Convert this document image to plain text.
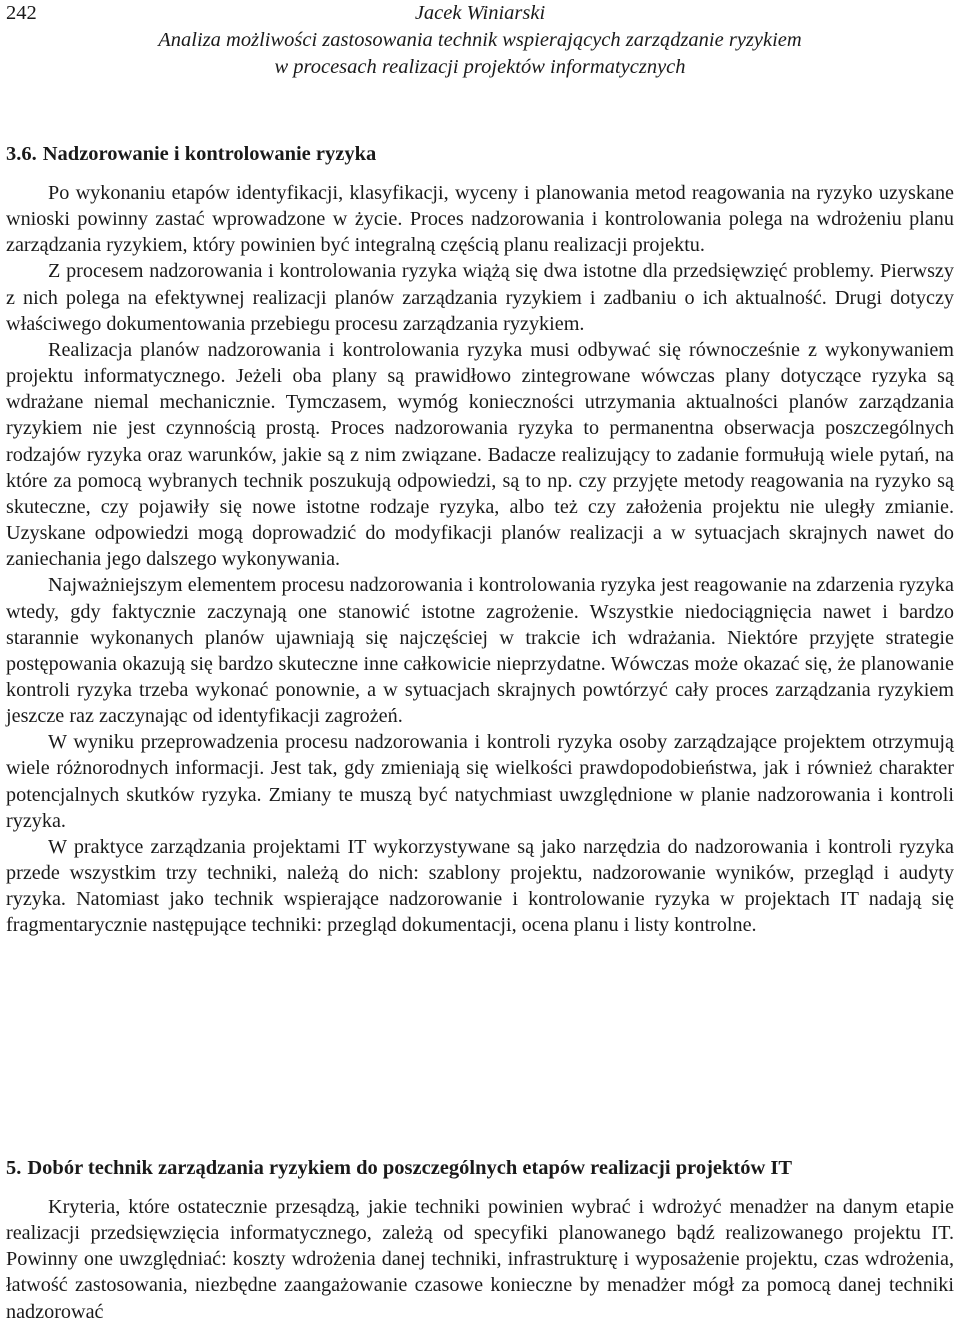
242	Jacek Winiarski
Analiza możliwości zastosowania technik wspierających zarządzanie ryzykiem
w procesach realizacji projektów informatycznych
3.6. Nadzorowanie i kontrolowanie ryzyka

Po wykonaniu etapów identyfikacji, klasyfikacji, wyceny i planowania metod reagowania na ryzyko uzyskane wnioski powinny zastać wprowadzone w życie. Proces nadzorowania i kontrolowania polega na wdrożeniu planu zarządzania ryzykiem, który powinien być integralną częścią planu realizacji projektu.

Z procesem nadzorowania i kontrolowania ryzyka wiążą się dwa istotne dla przedsięwzięć problemy. Pierwszy z nich polega na efektywnej realizacji planów zarządzania ryzykiem i zadbaniu o ich aktualność. Drugi dotyczy właściwego dokumentowania przebiegu procesu zarządzania ryzykiem.

Realizacja planów nadzorowania i kontrolowania ryzyka musi odbywać się równocześnie z wykonywaniem projektu informatycznego. Jeżeli oba plany są prawidłowo zintegrowane wówczas plany dotyczące ryzyka są wdrażane niemal mechanicznie. Tymczasem, wymóg konieczności utrzymania aktualności planów zarządzania ryzykiem nie jest czynnością prostą. Proces nadzorowania ryzyka to permanentna obserwacja poszczególnych rodzajów ryzyka oraz warunków, jakie są z nim związane. Badacze realizujący to zadanie formułują wiele pytań, na które za pomocą wybranych technik poszukują odpowiedzi, są to np. czy przyjęte metody reagowania na ryzyko są skuteczne, czy pojawiły się nowe istotne rodzaje ryzyka, albo też czy założenia projektu nie uległy zmianie. Uzyskane odpowiedzi mogą doprowadzić do modyfikacji planów realizacji a w sytuacjach skrajnych nawet do zaniechania jego dalszego wykonywania.

Najważniejszym elementem procesu nadzorowania i kontrolowania ryzyka jest reagowanie na zdarzenia ryzyka wtedy, gdy faktycznie zaczynają one stanowić istotne zagrożenie. Wszystkie niedociągnięcia nawet i bardzo starannie wykonanych planów ujawniają się najczęściej w trakcie ich wdrażania. Niektóre przyjęte strategie postępowania okazują się bardzo skuteczne inne całkowicie nieprzydatne. Wówczas może okazać się, że planowanie kontroli ryzyka trzeba wykonać ponownie, a w sytuacjach skrajnych powtórzyć cały proces zarządzania ryzykiem jeszcze raz zaczynając od identyfikacji zagrożeń.

W wyniku przeprowadzenia procesu nadzorowania i kontroli ryzyka osoby zarządzające projektem otrzymują wiele różnorodnych informacji. Jest tak, gdy zmieniają się wielkości prawdopodobieństwa, jak i również charakter potencjalnych skutków ryzyka. Zmiany te muszą być natychmiast uwzględnione w planie nadzorowania i kontroli ryzyka.

W praktyce zarządzania projektami IT wykorzystywane są jako narzędzia do nadzorowania i kontroli ryzyka przede wszystkim trzy techniki, należą do nich: szablony projektu, nadzorowanie wyników, przegląd i audyty ryzyka. Natomiast jako technik wspierające nadzorowanie i kontrolowanie ryzyka w projektach IT nadają się fragmentarycznie następujące techniki: przegląd dokumentacji, ocena planu i listy kontrolne.

5. Dobór technik zarządzania ryzykiem do poszczególnych etapów realizacji projektów IT

Kryteria, które ostatecznie przesądzą, jakie techniki powinien wybrać i wdrożyć menadżer na danym etapie realizacji przedsięwzięcia informatycznego, zależą od specyfiki planowanego bądź realizowanego projektu IT. Powinny one uwzględniać: koszty wdrożenia danej techniki, infrastrukturę i wyposażenie projektu, czas wdrożenia, łatwość zastosowania, niezbędne zaangażowanie czasowe konieczne by menadżer mógł za pomocą danej techniki nadzorować
